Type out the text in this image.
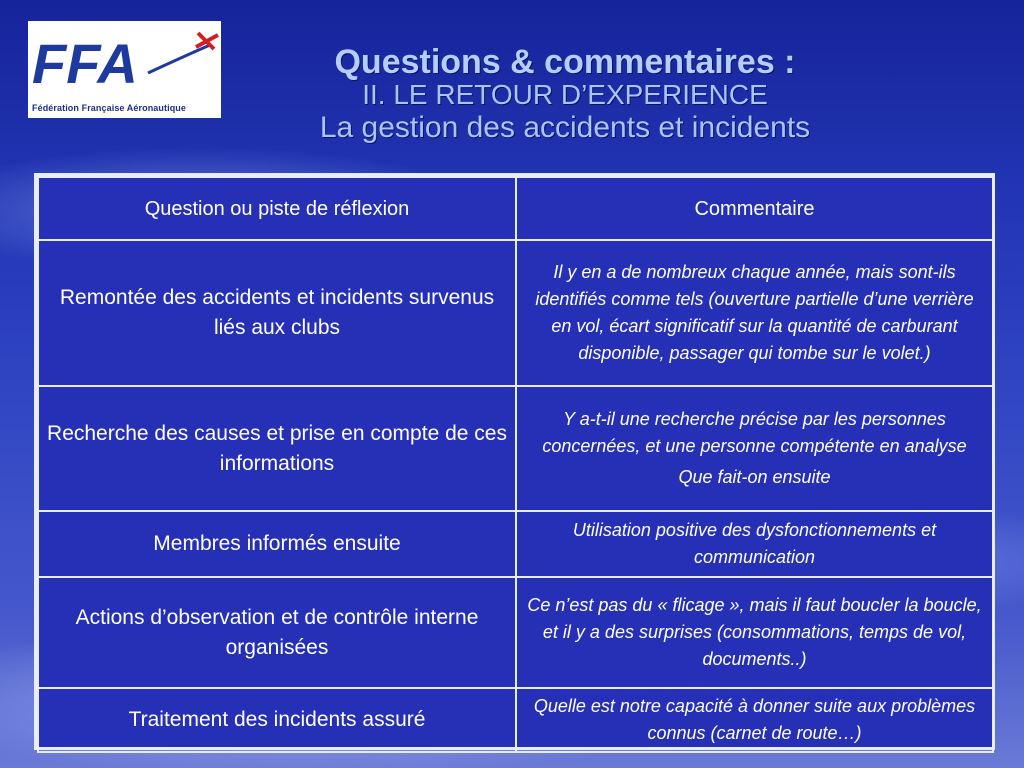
FFA
Fédération Française Aéronautique
Questions & commentaires :
II. LE RETOUR D’EXPERIENCE
La gestion des accidents et incidents
Question ou piste de réflexion	Commentaire
Remontée des accidents et incidents survenus liés aux clubs	Il y en a de nombreux chaque année, mais sont-ils identifiés comme tels (ouverture partielle d’une verrière en vol, écart significatif sur la quantité de carburant disponible, passager qui tombe sur le volet.)

Recherche des causes et prise en compte de ces informations	Y a-t-il une recherche précise par les personnes concernées, et une personne compétente en analyse
Que fait-on ensuite

Membres informés ensuite	Utilisation positive des dysfonctionnements et communication

Actions d’observation et de contrôle interne organisées	Ce n’est pas du « flicage », mais il faut boucler la boucle, et il y a des surprises (consommations, temps de vol, documents..)

Traitement des incidents assuré	Quelle est notre capacité à donner suite aux problèmes connus (carnet de route…)
